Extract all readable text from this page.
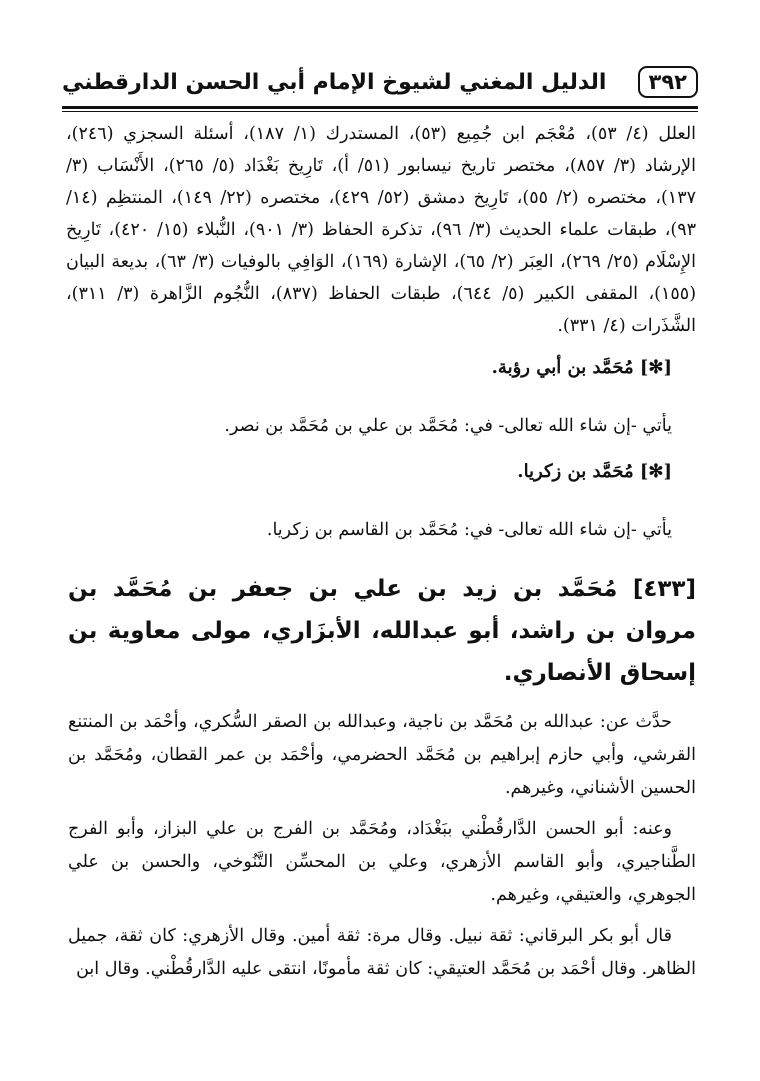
٣٩٢
الدليل المغني لشيوخ الإمام أبي الحسن الدارقطني

العلل (٤/ ٥٣)، مُعْجَم ابن جُمِيع (٥٣)، المستدرك (١/ ١٨٧)، أسئلة السجزي (٢٤٦)، الإرشاد (٣/ ٨٥٧)، مختصر تاريخ نيسابور (٥١/ أ)، تَارِيخ بَغْدَاد (٥/ ٢٦٥)، الأَنْسَاب (٣/ ١٣٧)، مختصره (٢/ ٥٥)، تَارِيخ دمشق (٥٢/ ٤٢٩)، مختصره (٢٢/ ١٤٩)، المنتظِم (١٤/ ٩٣)، طبقات علماء الحديث (٣/ ٩٦)، تذكرة الحفاظ (٣/ ٩٠١)، النُّبلاء (١٥/ ٤٢٠)، تَارِيخ الإِسْلَام (٢٥/ ٢٦٩)، العِبَر (٢/ ٦٥)، الإشارة (١٦٩)، الوَافِي بالوفيات (٣/ ٦٣)، بديعة البيان (١٥٥)، المقفى الكبير (٥/ ٦٤٤)، طبقات الحفاظ (٨٣٧)، النُّجُوم الزَّاهرة (٣/ ٣١١)، الشَّذَرات (٤/ ٣٣١).

[✻] مُحَمَّد بن أبي رؤبة.

يأتي -إن شاء الله تعالى- في: مُحَمَّد بن علي بن مُحَمَّد بن نصر.

[✻] مُحَمَّد بن زكريا.

يأتي -إن شاء الله تعالى- في: مُحَمَّد بن القاسم بن زكريا.

[٤٣٣] مُحَمَّد بن زيد بن علي بن جعفر بن مُحَمَّد بن مروان بن راشد، أبو عبدالله، الأبزَاري، مولى معاوية بن إسحاق الأنصاري.

حدَّث عن: عبدالله بن مُحَمَّد بن ناجية، وعبدالله بن الصقر السُّكري، وأحْمَد بن المنتنع القرشي، وأبي حازم إبراهيم بن مُحَمَّد الحضرمي، وأحْمَد بن عمر القطان، ومُحَمَّد بن الحسين الأشناني، وغيرهم.

وعنه: أبو الحسن الدَّارقُطْني ببَغْدَاد، ومُحَمَّد بن الفرج بن علي البزاز، وأبو الفرج الطَّناجيري، وأبو القاسم الأزهري، وعلي بن المحسِّن التَّنُوخي، والحسن بن علي الجوهري، والعتيقي، وغيرهم.

قال أبو بكر البرقاني: ثقة نبيل. وقال مرة: ثقة أمين. وقال الأزهري: كان ثقة، جميل الظاهر. وقال أحْمَد بن مُحَمَّد العتيقي: كان ثقة مأمونًا، انتقى عليه الدَّارقُطْني. وقال ابن
